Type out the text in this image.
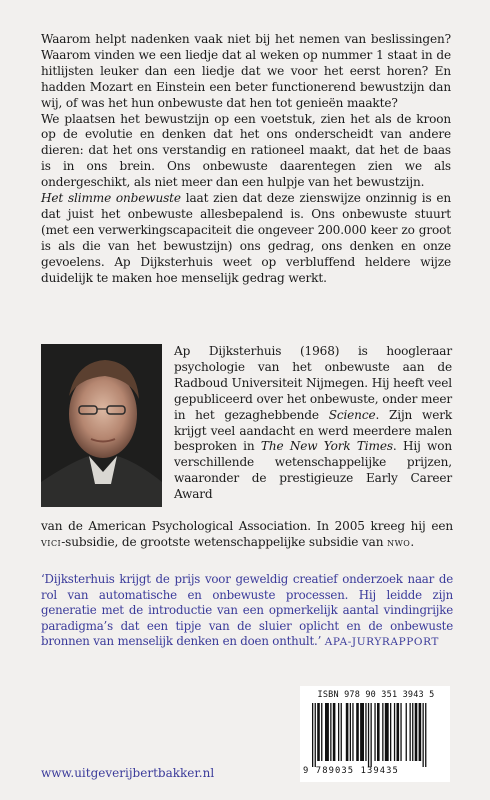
Waarom helpt nadenken vaak niet bij het nemen van beslissingen? Waarom vinden we een liedje dat al weken op nummer 1 staat in de hitlijsten leuker dan een liedje dat we voor het eerst horen? En hadden Mozart en Einstein een beter functionerend bewustzijn dan wij, of was het hun onbewuste dat hen tot genieën maakte?

We plaatsen het bewustzijn op een voetstuk, zien het als de kroon op de evolutie en denken dat het ons onderscheidt van andere dieren: dat het ons verstandig en rationeel maakt, dat het de baas is in ons brein. Ons onbewuste daarentegen zien we als ondergeschikt, als niet meer dan een hulpje van het bewustzijn.

Het slimme onbewuste laat zien dat deze zienswijze onzinnig is en dat juist het onbewuste allesbepalend is. Ons onbewuste stuurt (met een verwerkingscapaciteit die ongeveer 200.000 keer zo groot is als die van het bewustzijn) ons gedrag, ons denken en onze gevoelens. Ap Dijksterhuis weet op verbluffend heldere wijze duidelijk te maken hoe menselijk gedrag werkt.

Ap Dijksterhuis (1968) is hoogleraar psychologie van het onbewuste aan de Radboud Universiteit Nijmegen. Hij heeft veel gepubliceerd over het onbewuste, onder meer in het gezaghebbende Science. Zijn werk krijgt veel aandacht en werd meerdere malen besproken in The New York Times. Hij won verschillende wetenschappelijke prijzen, waaronder de prestigieuze Early Career Award
van de American Psychological Association. In 2005 kreeg hij een vici-subsidie, de grootste wetenschappelijke subsidie van nwo.
‘Dijksterhuis krijgt de prijs voor geweldig creatief onderzoek naar de rol van automatische en onbewuste processen. Hij leidde zijn generatie met de introductie van een opmerkelijk aantal vindingrijke paradigma’s dat een tipje van de sluier oplicht en de onbewuste bronnen van menselijk denken en doen onthult.’ APA-JURYRAPPORT
ISBN 978 90 351 3943 5
9 789035 139435
www.uitgeverijbertbakker.nl
